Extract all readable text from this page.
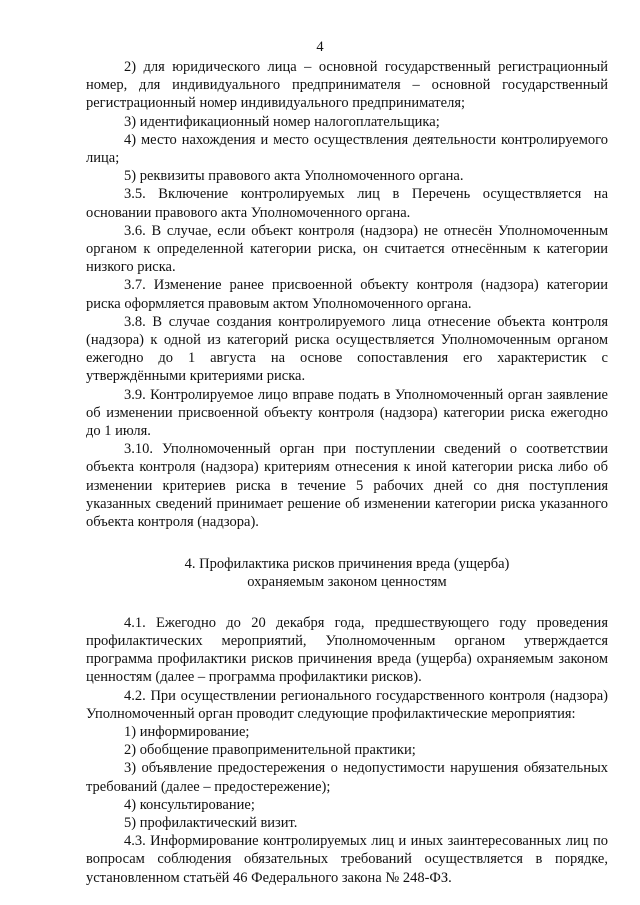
4

2) для юридического лица – основной государственный регистрационный номер, для индивидуального предпринимателя – основной государственный регистрационный номер индивидуального предпринимателя;

3) идентификационный номер налогоплательщика;

4) место нахождения и место осуществления деятельности контролируемого лица;

5) реквизиты правового акта Уполномоченного органа.

3.5. Включение контролируемых лиц в Перечень осуществляется на основании правового акта Уполномоченного органа.

3.6. В случае, если объект контроля (надзора) не отнесён Уполномоченным органом к определенной категории риска, он считается отнесённым к категории низкого риска.

3.7. Изменение ранее присвоенной объекту контроля (надзора) категории риска оформляется правовым актом Уполномоченного органа.

3.8. В случае создания контролируемого лица отнесение объекта контроля (надзора) к одной из категорий риска осуществляется Уполномоченным органом ежегодно до 1 августа на основе сопоставления его характеристик с утверждёнными критериями риска.

3.9. Контролируемое лицо вправе подать в Уполномоченный орган заявление об изменении присвоенной объекту контроля (надзора) категории риска ежегодно до 1 июля.

3.10. Уполномоченный орган при поступлении сведений о соответствии объекта контроля (надзора) критериям отнесения к иной категории риска либо об изменении критериев риска в течение 5 рабочих дней со дня поступления указанных сведений принимает решение об изменении категории риска указанного объекта контроля (надзора).

4. Профилактика рисков причинения вреда (ущерба)
охраняемым законом ценностям

4.1. Ежегодно до 20 декабря года, предшествующего году проведения профилактических мероприятий, Уполномоченным органом утверждается программа профилактики рисков причинения вреда (ущерба) охраняемым законом ценностям (далее – программа профилактики рисков).

4.2. При осуществлении регионального государственного контроля (надзора) Уполномоченный орган проводит следующие профилактические мероприятия:

1) информирование;

2) обобщение правоприменительной практики;

3) объявление предостережения о недопустимости нарушения обязательных требований (далее – предостережение);

4) консультирование;

5) профилактический визит.

4.3. Информирование контролируемых лиц и иных заинтересованных лиц по вопросам соблюдения обязательных требований осуществляется в порядке, установленном статьёй 46 Федерального закона № 248-ФЗ.
